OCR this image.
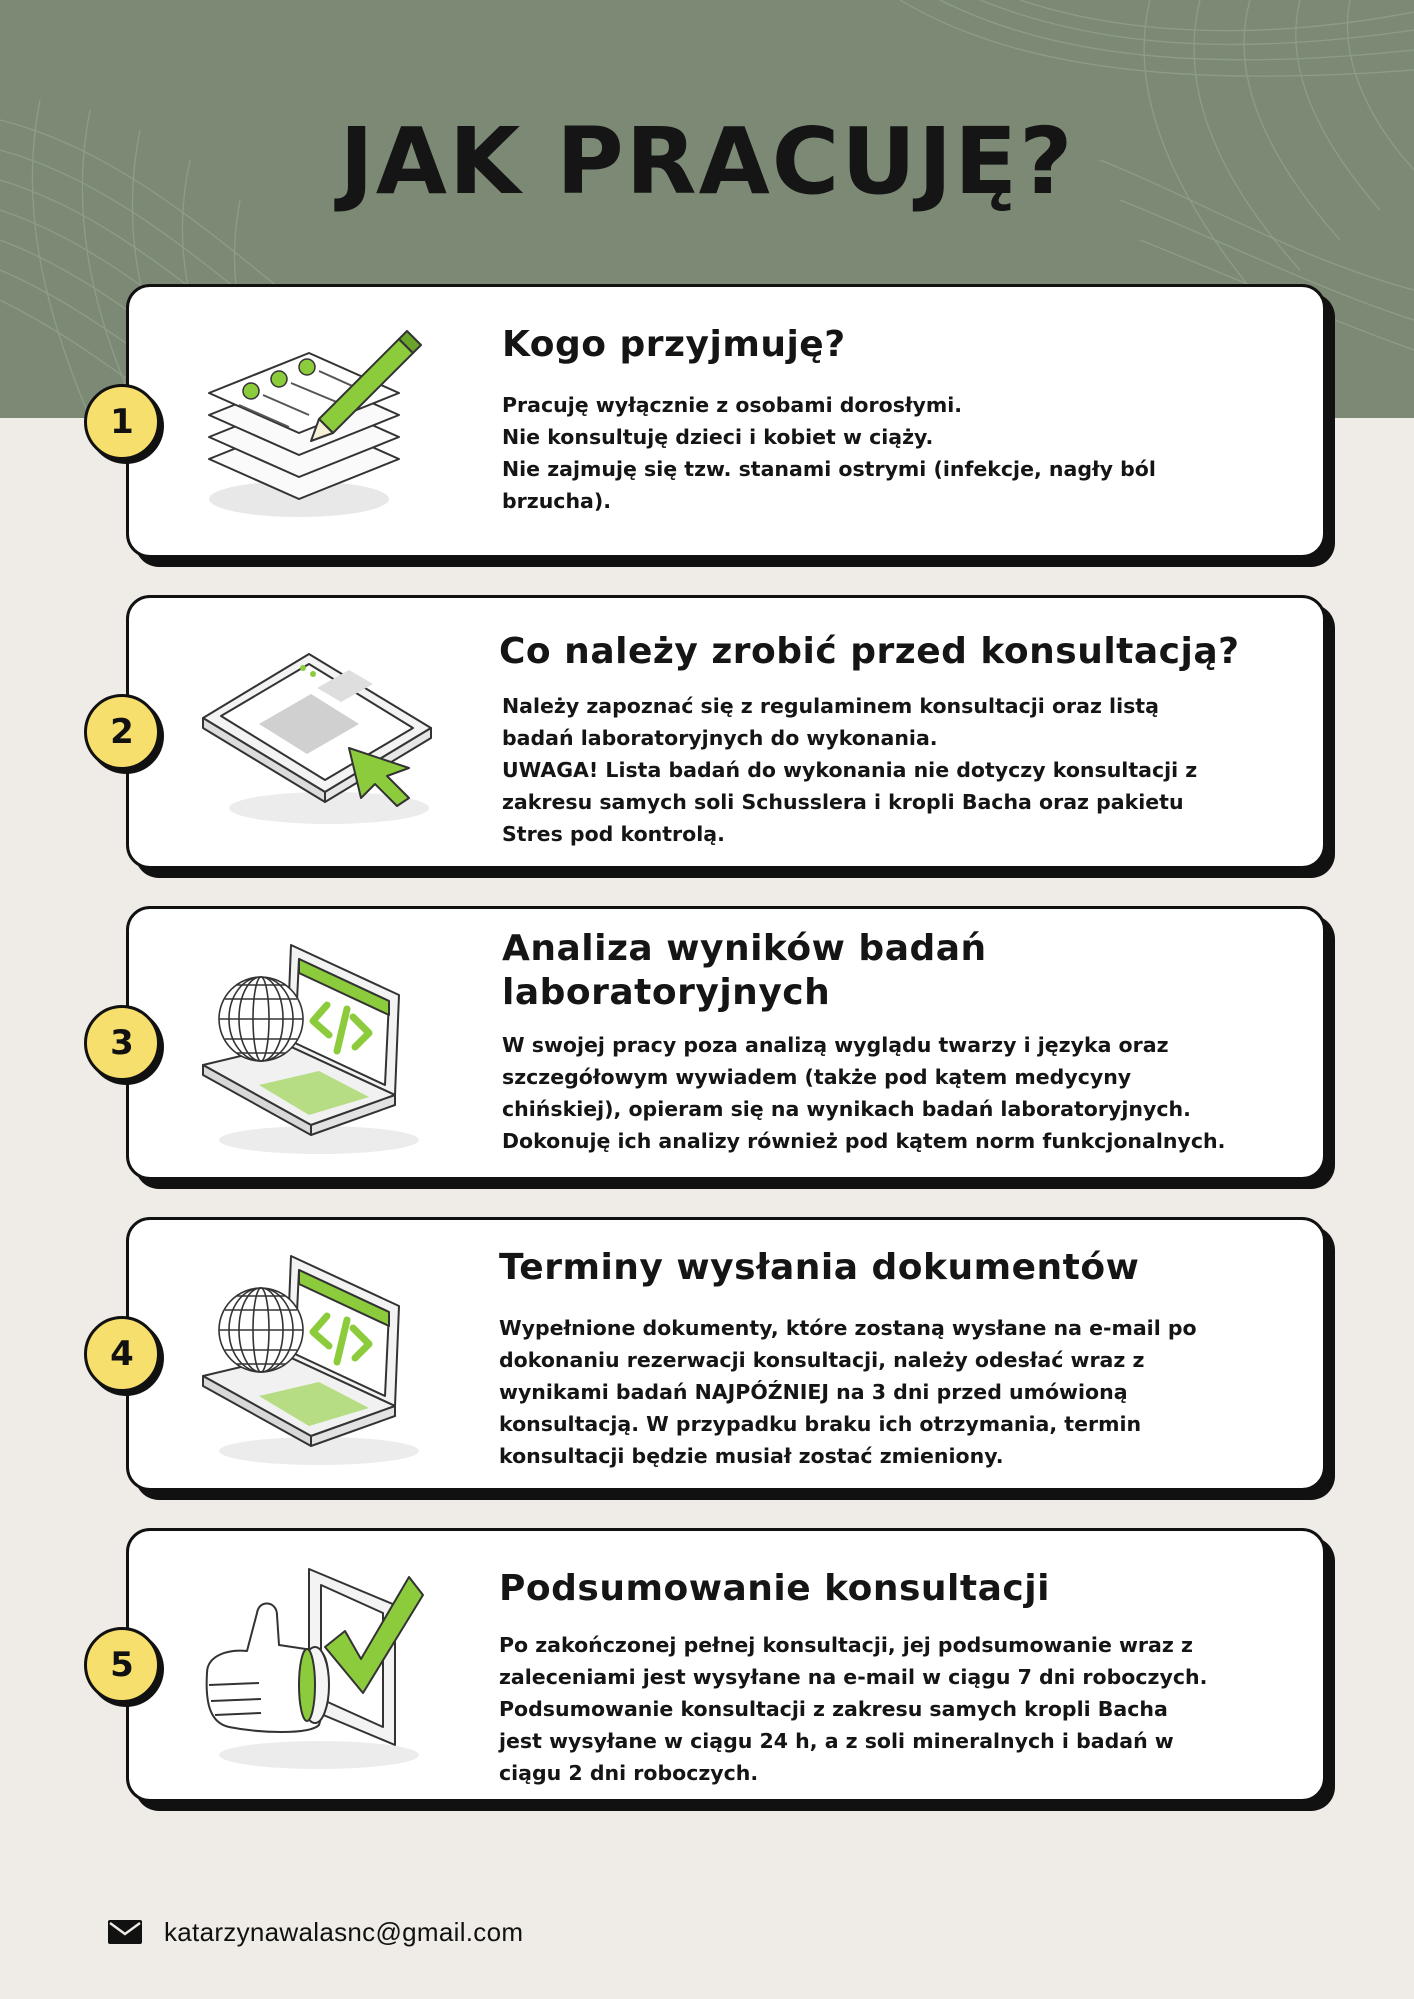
JAK PRACUJĘ?
Kogo przyjmuję?

Pracuję wyłącznie z osobami dorosłymi.
Nie konsultuję dzieci i kobiet w ciąży.
Nie zajmuję się tzw. stanami ostrymi (infekcje, nagły ból
brzucha).

1
Co należy zrobić przed konsultacją?

Należy zapoznać się z regulaminem konsultacji oraz listą
badań laboratoryjnych do wykonania.
UWAGA! Lista badań do wykonania nie dotyczy konsultacji z
zakresu samych soli Schusslera i kropli Bacha oraz pakietu
Stres pod kontrolą.

2
Analiza wyników badań
laboratoryjnych

W swojej pracy poza analizą wyglądu twarzy i języka oraz
szczegółowym wywiadem (także pod kątem medycyny
chińskiej), opieram się na wynikach badań laboratoryjnych.
Dokonuję ich analizy również pod kątem norm funkcjonalnych.

3
Terminy wysłania dokumentów

Wypełnione dokumenty, które zostaną wysłane na e-mail po
dokonaniu rezerwacji konsultacji, należy odesłać wraz z
wynikami badań NAJPÓŹNIEJ na 3 dni przed umówioną
konsultacją. W przypadku braku ich otrzymania, termin
konsultacji będzie musiał zostać zmieniony.

4
Podsumowanie konsultacji

Po zakończonej pełnej konsultacji, jej podsumowanie wraz z
zaleceniami jest wysyłane na e-mail w ciągu 7 dni roboczych.
Podsumowanie konsultacji z zakresu samych kropli Bacha
jest wysyłane w ciągu 24 h, a z soli mineralnych i badań w
ciągu 2 dni roboczych.

5
katarzynawalasnc@gmail.com
